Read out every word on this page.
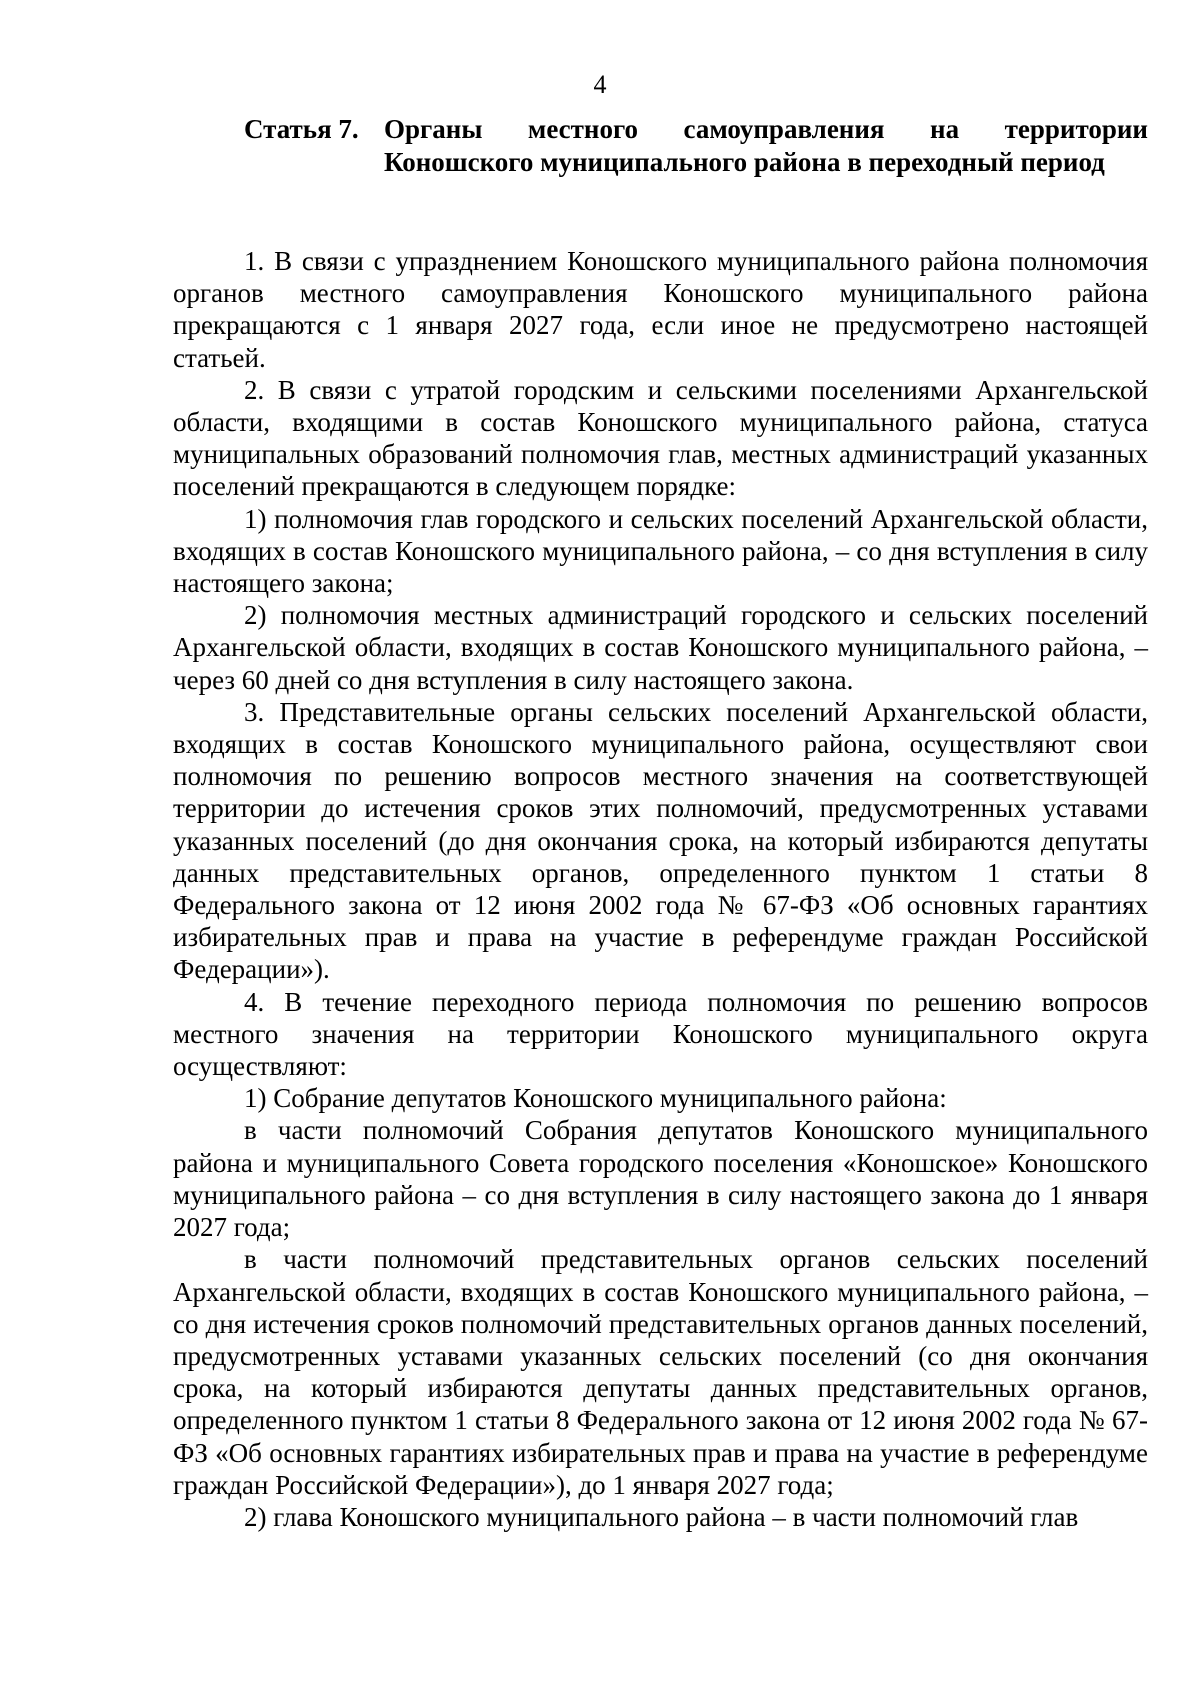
4
Статья 7. Органы местного самоуправления на территории Коношского муниципального района в переходный период

1. В связи с упразднением Коношского муниципального района полномочия органов местного самоуправления Коношского муниципального района прекращаются с 1 января 2027 года, если иное не предусмотрено настоящей статьей.

2. В связи с утратой городским и сельскими поселениями Архангельской области, входящими в состав Коношского муниципального района, статуса муниципальных образований полномочия глав, местных администраций указанных поселений прекращаются в следующем порядке:

1) полномочия глав городского и сельских поселений Архангельской области, входящих в состав Коношского муниципального района, – со дня вступления в силу настоящего закона;

2) полномочия местных администраций городского и сельских поселений Архангельской области, входящих в состав Коношского муниципального района, – через 60 дней со дня вступления в силу настоящего закона.

3. Представительные органы сельских поселений Архангельской области, входящих в состав Коношского муниципального района, осуществляют свои полномочия по решению вопросов местного значения на соответствующей территории до истечения сроков этих полномочий, предусмотренных уставами указанных поселений (до дня окончания срока, на который избираются депутаты данных представительных органов, определенного пунктом 1 статьи 8 Федерального закона от 12 июня 2002 года № 67-ФЗ «Об основных гарантиях избирательных прав и права на участие в референдуме граждан Российской Федерации»).

4. В течение переходного периода полномочия по решению вопросов местного значения на территории Коношского муниципального округа осуществляют:

1) Собрание депутатов Коношского муниципального района:

в части полномочий Собрания депутатов Коношского муниципального района и муниципального Совета городского поселения «Коношское» Коношского муниципального района – со дня вступления в силу настоящего закона до 1 января 2027 года;

в части полномочий представительных органов сельских поселений Архангельской области, входящих в состав Коношского муниципального района, – со дня истечения сроков полномочий представительных органов данных поселений, предусмотренных уставами указанных сельских поселений (со дня окончания срока, на который избираются депутаты данных представительных органов, определенного пунктом 1 статьи 8 Федерального закона от 12 июня 2002 года № 67-ФЗ «Об основных гарантиях избирательных прав и права на участие в референдуме граждан Российской Федерации»), до 1 января 2027 года;

2) глава Коношского муниципального района – в части полномочий глав
